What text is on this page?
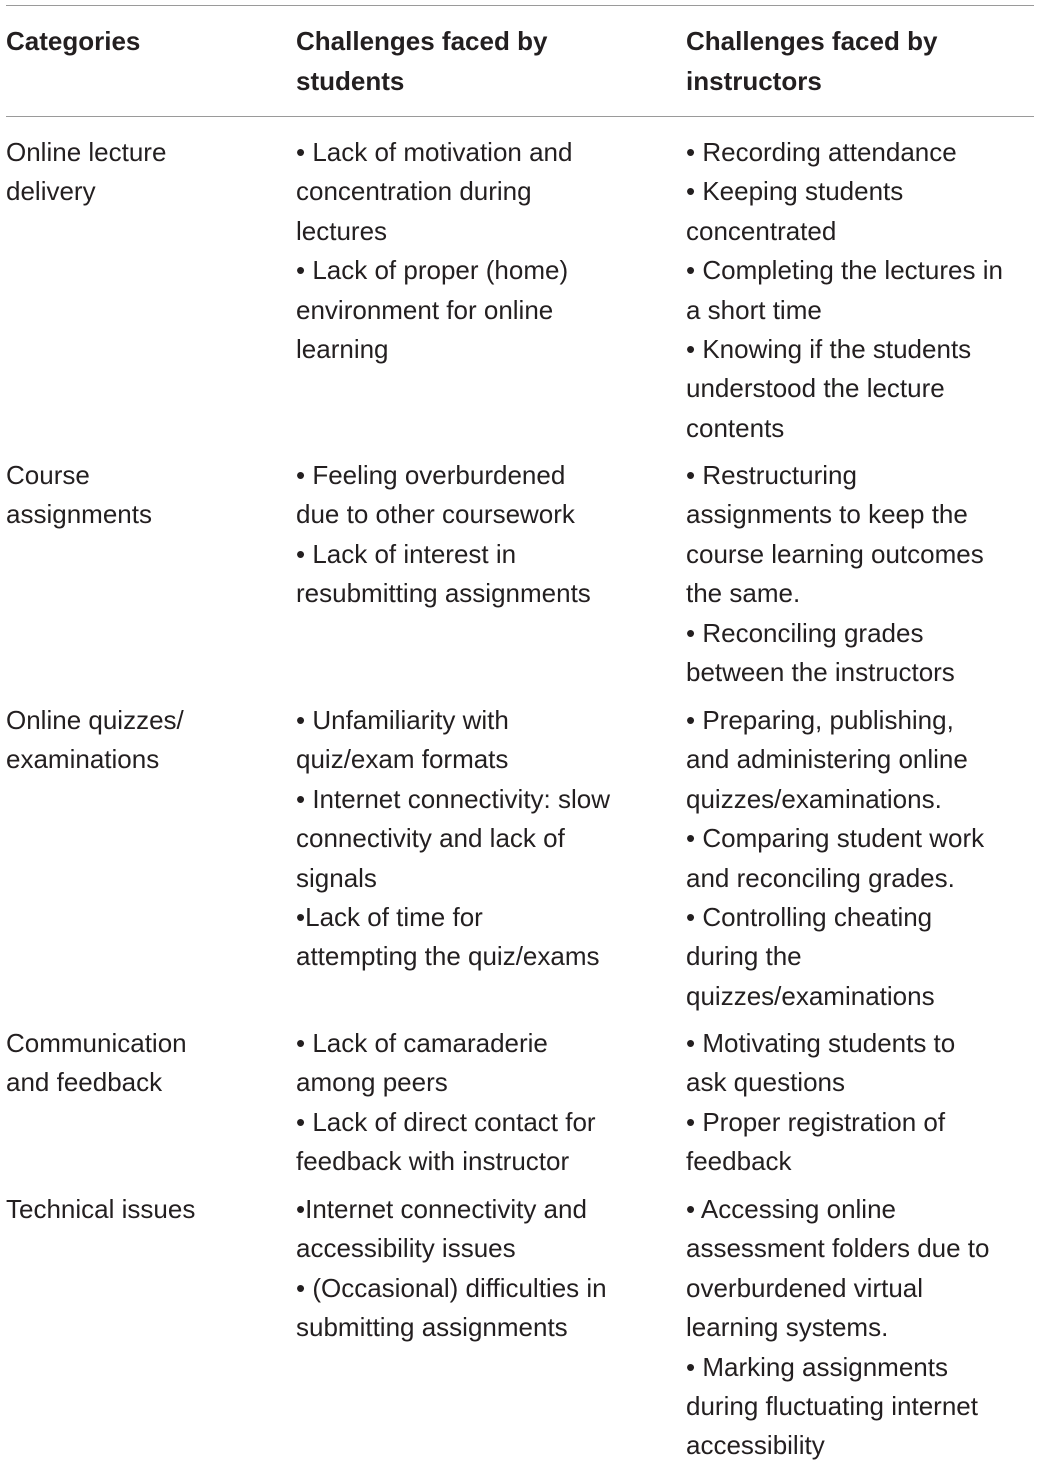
Categories	Challenges faced by
students
Challenges faced by
instructors
Online lecture
delivery
• Lack of motivation and
concentration during
lectures
• Lack of proper (home)
environment for online
learning
• Recording attendance
• Keeping students
concentrated
• Completing the lectures in
a short time
• Knowing if the students
understood the lecture
contents
Course
assignments
• Feeling overburdened
due to other coursework
• Lack of interest in
resubmitting assignments
• Restructuring
assignments to keep the
course learning outcomes
the same.
• Reconciling grades
between the instructors
Online quizzes/
examinations
• Unfamiliarity with
quiz/exam formats
• Internet connectivity: slow
connectivity and lack of
signals
•Lack of time for
attempting the quiz/exams
• Preparing, publishing,
and administering online
quizzes/examinations.
• Comparing student work
and reconciling grades.
• Controlling cheating
during the
quizzes/examinations
Communication
and feedback
• Lack of camaraderie
among peers
• Lack of direct contact for
feedback with instructor
• Motivating students to
ask questions
• Proper registration of
feedback
Technical issues	•Internet connectivity and
accessibility issues
• (Occasional) difficulties in
submitting assignments
• Accessing online
assessment folders due to
overburdened virtual
learning systems.
• Marking assignments
during fluctuating internet
accessibility
